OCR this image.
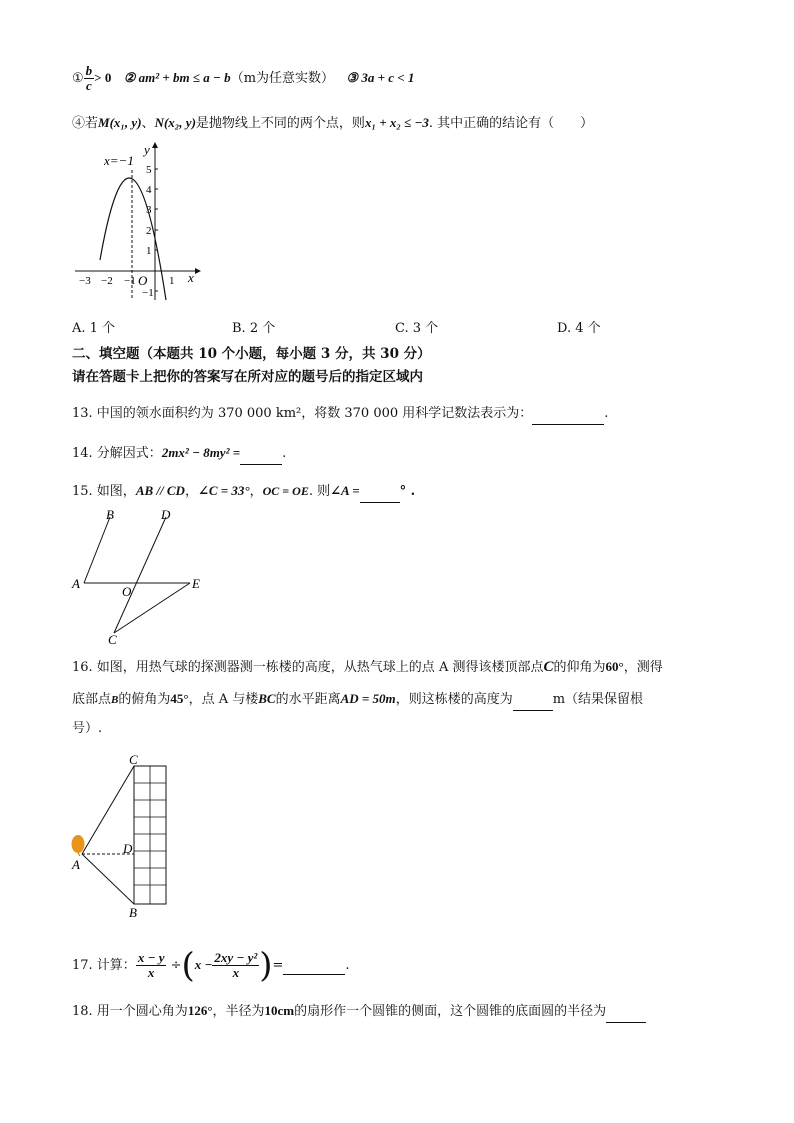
① $\frac{b}{c} > 0$ ② am² + bm ≤ a − b（m为任意实数） ③ 3a + c < 1
④若M(x₁, y)、N(x₂, y)是抛物线上不同的两个点，则x₁ + x₂ ≤ −3. 其中正确的结论有（　　）
x=−1
y
x
O
5
4
3
2
1
−1
−3 −2 −1	1
A. 1 个	B. 2 个	C. 3 个	D. 4 个
二、填空题（本题共 10 个小题，每小题 3 分，共 30 分）
请在答题卡上把你的答案写在所对应的题号后的指定区域内
13. 中国的领水面积约为 370 000 km²，将数 370 000 用科学记数法表示为：	.
14. 分解因式：2mx² − 8my² =	.
15. 如图，AB // CD，∠C = 33°，OC = OE. 则∠A =	° .
B	D
A	E
O
C
16. 如图，用热气球的探测器测一栋楼的高度，从热气球上的点 A 测得该楼顶部点C的仰角为60°，测得
底部点B的俯角为45°，点 A 与楼BC的水平距离AD = 50m，则这栋楼的高度为	m（结果保留根
号）.
C
D
A
B
17. 计算： $\frac{x - y}{x} \div(x - \frac{\text{2xy − y²}}{x}$ )=	.
18. 用一个圆心角为126°，半径为10cm的扇形作一个圆锥的侧面，这个圆锥的底面圆的半径为
